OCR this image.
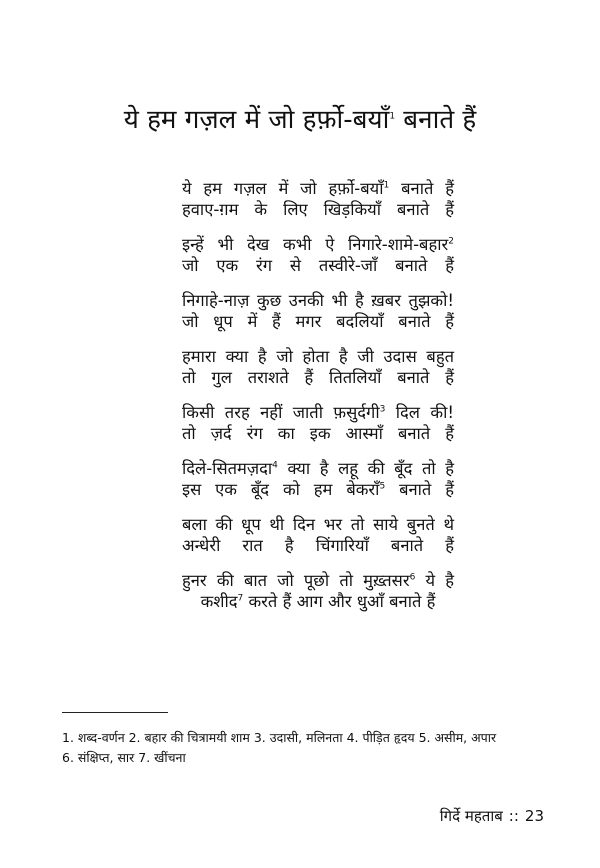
ये हम गज़ल में जो हर्फ़ो-बयाँ$^1$ बनाते हैं
ये हम गज़ल में जो हर्फ़ो-बयाँ$^1$ बनाते हैं
हवाए-ग़म के लिए खिड़कियाँ बनाते हैं
इन्हें भी देख कभी ऐ निगारे-शामे-बहार$^2$
जो एक रंग से तस्वीरे-जाँ बनाते हैं
निगाहे-नाज़ कुछ उनकी भी है ख़बर तुझको!
जो धूप में हैं मगर बदलियाँ बनाते हैं
हमारा क्या है जो होता है जी उदास बहुत
तो गुल तराशते हैं तितलियाँ बनाते हैं
किसी तरह नहीं जाती फ़सुर्दगी$^3$ दिल की!
तो ज़र्द रंग का इक आस्माँ बनाते हैं
दिले-सितमज़दा$^4$ क्या है लहू की बूँद तो है
इस एक बूँद को हम बेकराँ$^5$ बनाते हैं
बला की धूप थी दिन भर तो साये बुनते थे
अन्धेरी रात है चिंगारियाँ बनाते हैं
हुनर की बात जो पूछो तो मुख़्तसर$^6$ ये है
कशीद$^7$ करते हैं आग और धुआँ बनाते हैं
1. शब्द-वर्णन 2. बहार की चित्रामयी शाम 3. उदासी, मलिनता 4. पीड़ित हृदय 5. असीम, अपार
6. संक्षिप्त, सार 7. खींचना
गिर्दे महताब :: 23
